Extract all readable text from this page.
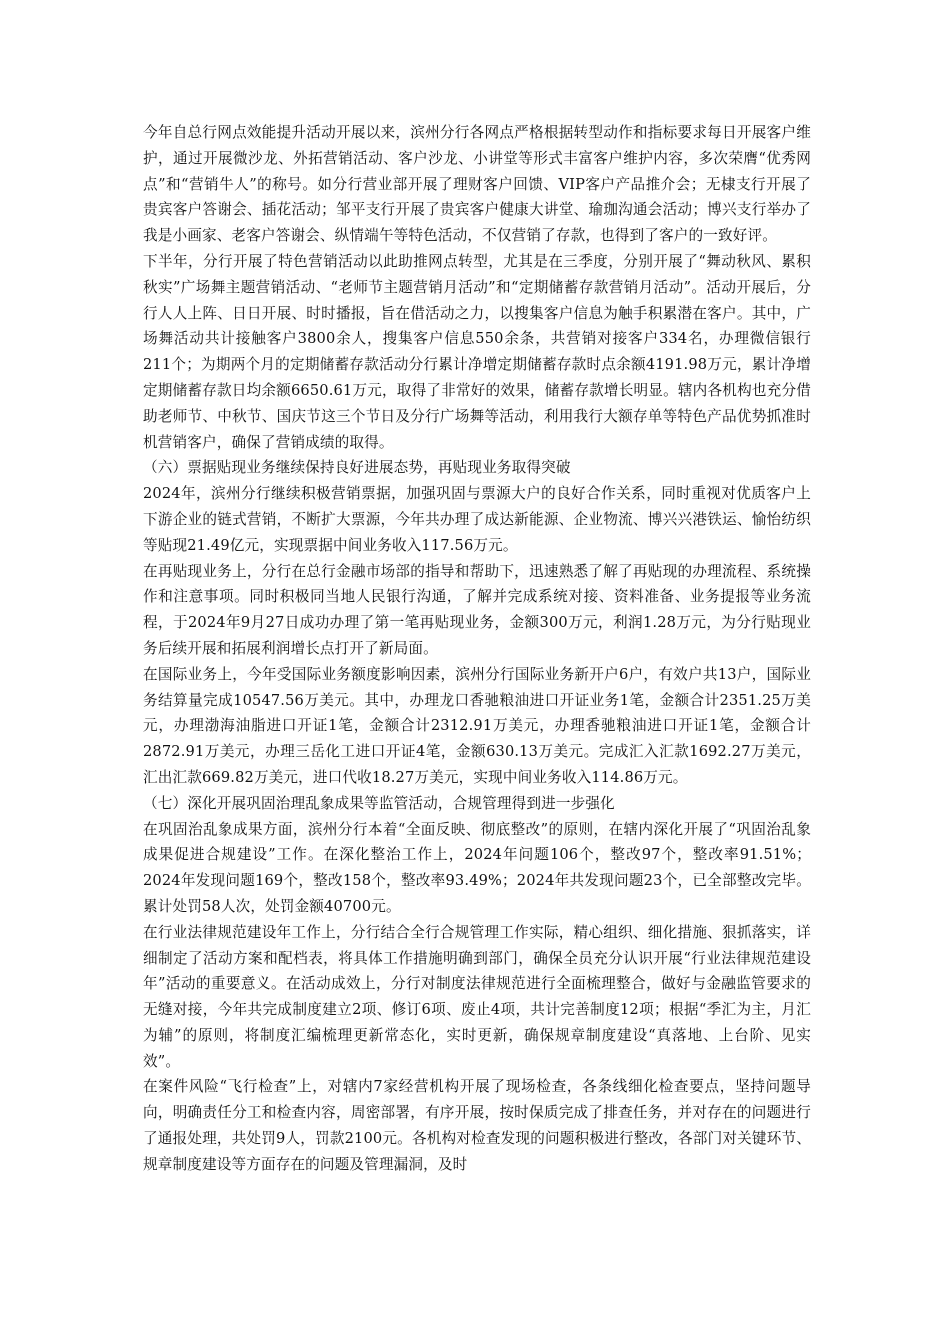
今年自总行网点效能提升活动开展以来，滨州分行各网点严格根据转型动作和指标要求每日开展客户维护，通过开展微沙龙、外拓营销活动、客户沙龙、小讲堂等形式丰富客户维护内容，多次荣膺“优秀网点”和“营销牛人”的称号。如分行营业部开展了理财客户回馈、VIP客户产品推介会；无棣支行开展了贵宾客户答谢会、插花活动；邹平支行开展了贵宾客户健康大讲堂、瑜珈沟通会活动；博兴支行举办了我是小画家、老客户答谢会、纵情端午等特色活动，不仅营销了存款，也得到了客户的一致好评。

下半年，分行开展了特色营销活动以此助推网点转型，尤其是在三季度，分别开展了“舞动秋风、累积秋实”广场舞主题营销活动、“老师节主题营销月活动”和“定期储蓄存款营销月活动”。活动开展后，分行人人上阵、日日开展、时时播报，旨在借活动之力，以搜集客户信息为触手积累潜在客户。其中，广场舞活动共计接触客户3800余人，搜集客户信息550余条，共营销对接客户334名，办理微信银行211个；为期两个月的定期储蓄存款活动分行累计净增定期储蓄存款时点余额4191.98万元，累计净增定期储蓄存款日均余额6650.61万元，取得了非常好的效果，储蓄存款增长明显。辖内各机构也充分借助老师节、中秋节、国庆节这三个节日及分行广场舞等活动，利用我行大额存单等特色产品优势抓准时机营销客户，确保了营销成绩的取得。

（六）票据贴现业务继续保持良好进展态势，再贴现业务取得突破

2024年，滨州分行继续积极营销票据，加强巩固与票源大户的良好合作关系，同时重视对优质客户上下游企业的链式营销，不断扩大票源，今年共办理了成达新能源、企业物流、博兴兴港铁运、愉怡纺织等贴现21.49亿元，实现票据中间业务收入117.56万元。

在再贴现业务上，分行在总行金融市场部的指导和帮助下，迅速熟悉了解了再贴现的办理流程、系统操作和注意事项。同时积极同当地人民银行沟通，了解并完成系统对接、资料准备、业务提报等业务流程，于2024年9月27日成功办理了第一笔再贴现业务，金额300万元，利润1.28万元，为分行贴现业务后续开展和拓展利润增长点打开了新局面。

在国际业务上，今年受国际业务额度影响因素，滨州分行国际业务新开户6户，有效户共13户，国际业务结算量完成10547.56万美元。其中，办理龙口香驰粮油进口开证业务1笔，金额合计2351.25万美元，办理渤海油脂进口开证1笔，金额合计2312.91万美元，办理香驰粮油进口开证1笔，金额合计2872.91万美元，办理三岳化工进口开证4笔，金额630.13万美元。完成汇入汇款1692.27万美元，汇出汇款669.82万美元，进口代收18.27万美元，实现中间业务收入114.86万元。

（七）深化开展巩固治理乱象成果等监管活动，合规管理得到进一步强化

在巩固治乱象成果方面，滨州分行本着“全面反映、彻底整改”的原则，在辖内深化开展了“巩固治乱象成果促进合规建设”工作。在深化整治工作上，2024年问题106个，整改97个，整改率91.51%；2024年发现问题169个，整改158个，整改率93.49%；2024年共发现问题23个，已全部整改完毕。累计处罚58人次，处罚金额40700元。

在行业法律规范建设年工作上，分行结合全行合规管理工作实际，精心组织、细化措施、狠抓落实，详细制定了活动方案和配档表，将具体工作措施明确到部门，确保全员充分认识开展“行业法律规范建设年”活动的重要意义。在活动成效上，分行对制度法律规范进行全面梳理整合，做好与金融监管要求的无缝对接，今年共完成制度建立2项、修订6项、废止4项，共计完善制度12项；根据“季汇为主，月汇为辅”的原则，将制度汇编梳理更新常态化，实时更新，确保规章制度建设“真落地、上台阶、见实效”。

在案件风险“飞行检查”上，对辖内7家经营机构开展了现场检查，各条线细化检查要点，坚持问题导向，明确责任分工和检查内容，周密部署，有序开展，按时保质完成了排查任务，并对存在的问题进行了通报处理，共处罚9人，罚款2100元。各机构对检查发现的问题积极进行整改，各部门对关键环节、规章制度建设等方面存在的问题及管理漏洞，及时
